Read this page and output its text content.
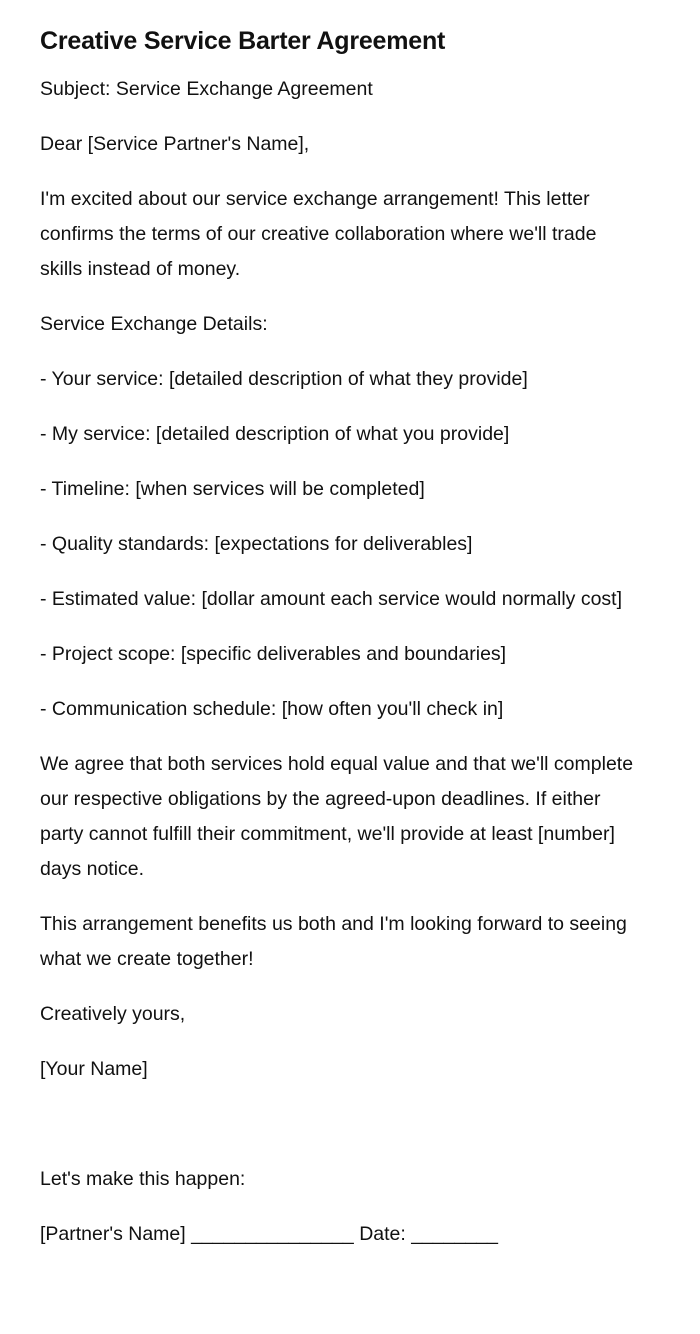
Creative Service Barter Agreement

Subject: Service Exchange Agreement

Dear [Service Partner's Name],

I'm excited about our service exchange arrangement! This letter confirms the terms of our creative collaboration where we'll trade skills instead of money.

Service Exchange Details:

- Your service: [detailed description of what they provide]

- My service: [detailed description of what you provide]

- Timeline: [when services will be completed]

- Quality standards: [expectations for deliverables]

- Estimated value: [dollar amount each service would normally cost]

- Project scope: [specific deliverables and boundaries]

- Communication schedule: [how often you'll check in]

We agree that both services hold equal value and that we'll complete our respective obligations by the agreed-upon deadlines. If either party cannot fulfill their commitment, we'll provide at least [number] days notice.

This arrangement benefits us both and I'm looking forward to seeing what we create together!

Creatively yours,

[Your Name]

Let's make this happen:

[Partner's Name] _______________ Date: ________
